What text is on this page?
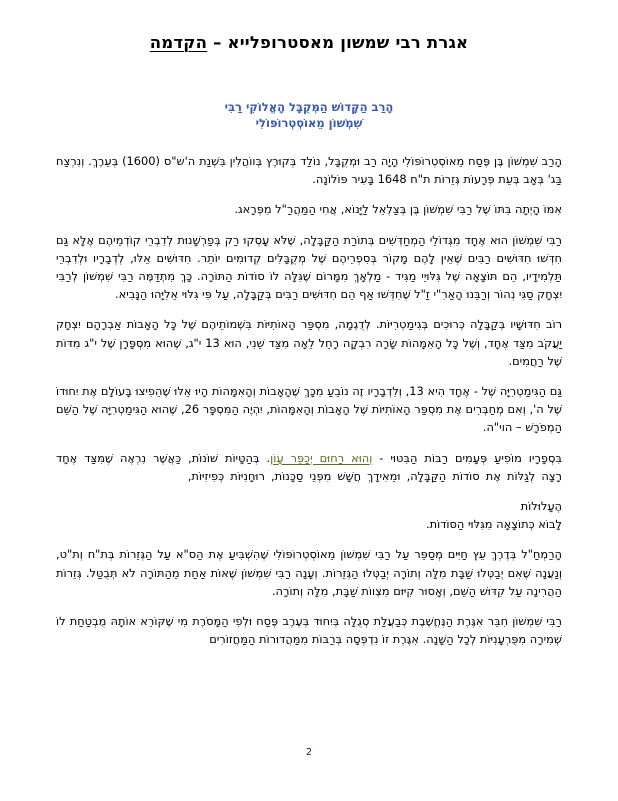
אגרת רבי שמשון מאסטרופלייא – הקדמה
הָרַב הַקָּדוֹשׁ הַמְּקֻבָּל הָאֱלוֹקִי רַבִּי
שִׁמְשׁוֹן מֵאוֹסְטְרוֹפּוֹלִי

הָרַב שִׁמְשׁוֹן בֶּן פֶּסַח מֵאוֹסְטְרוֹפּוֹלִי הָיָה רַב וּמְקֻבָּל, נוֹלַד בְּקוּרֶץ בְּווֹהֲלִין בִּשְׁנַת ה'ש"ס (1600) בְּעֵרֶךְ. וְנִרְצַח בַּג' בְּאָב בְּעֵת פְּרָעוֹת גְּזֵרוֹת ת"ח 1648 בָּעִיר פּוֹלוֹנָה.

אִמּוֹ הָיְתָה בִּתּוֹ שֶׁל רַבִּי שִׁמְשׁוֹן בֶּן בְּצַלְאֵל לַיָּנוֹא, אֲחִי הַמַּהֲרַ"ל מִפְּרָאג.

רַבִּי שִׁמְשׁוֹן הוּא אֶחָד מִגְּדוֹלֵי הַמְחַדְּשִׁים בְּתוֹרַת הַקַּבָּלָה, שֶׁלֹּא עָסְקוּ רַק בְּפַרְשָׁנוּת לְדִבְרֵי קוֹדְמֵיהֶם אֶלָּא גַּם חִדְּשׁוּ חִדּוּשִׁים רַבִּים שֶׁאֵין לָהֶם מָקוֹר בְּסִפְרֵיהֶם שֶׁל מְקֻבָּלִים קְדוּמִים יוֹתֵר. חִדּוּשִׁים אֵלּוּ, לְדְבָרָיו וּלְדִבְרֵי תַּלְמִידָיו, הֵם תּוֹצָאָה שֶׁל גִּלּוּיֵי מַגִּיד - מַלְאָךְ מִמָּרוֹם שֶׁגִּלָּה לוֹ סוֹדוֹת הַתּוֹרָה. כָּךְ מִתְדַּמֶּה רַבִּי שִׁמְשׁוֹן לְרַבִּי יִצְחָק סַגִּי נְהוֹר וְרַבֵּנוּ הָאַרִ"י זַ"ל שֶׁחִדְּשׁוּ אַף הֵם חִדּוּשִׁים רַבִּים בְּקַבָּלָה, עַל פִּי גִּלּוּי אֵלִיָּהוּ הַנָּבִיא.

רוֹב חִדּוּשָׁיו בְּקַבָּלָה כְּרוּכִים בְּגִימַטְרִיּוֹת. לְדֻגְמָה, מִסְפַּר הָאוֹתִיּוֹת בִּשְׁמוֹתֵיהֶם שֶׁל כָּל הָאָבוֹת אַבְרָהָם יִצְחָק יַעֲקֹב מִצַּד אֶחָד, וְשֶׁל כָּל הָאִמָּהוֹת שָׂרָה רִבְקָה רָחֵל לֵאָה מִצַּד שֵׁנִי, הוּא 13 י"ג, שֶׁהוּא מִסְפָּרָן שֶׁל י"ג מִדּוֹת שֶׁל רַחֲמִים.

גַּם הַגִּימַטְרִיָּה שֶׁל - אֶחָד הִיא 13, וְלִדְבָרָיו זֶה נוֹבֵעַ מִכָּךְ שֶׁהָאָבוֹת וְהָאִמָּהוֹת הָיוּ אֵלּוּ שֶׁהֵפִיצוּ בָּעוֹלָם אֶת יִחוּדוֹ שֶׁל ה', וְאִם מְחַבְּרִים אֶת מִסְפַּר הָאוֹתִיּוֹת שֶׁל הָאָבוֹת וְהָאִמָּהוֹת, יִהְיֶה הַמִּסְפָּר 26, שֶׁהוּא הַגִּימַטְרִיָּה שֶׁל הַשֵּׁם הַמְפֹרָשׁ – הוי"ה.

בִּסְפָרָיו מוֹפִיעַ פְּעָמִים רַבּוֹת הַבִּטּוּי - וְהוּא רַחוּם יְכַפֵּר עָוֺן. בְּהַטָּיוֹת שׁוֹנוֹת, כַּאֲשֶׁר נִרְאֶה שֶׁמִּצַּד אֶחָד רָצָה לְגַלּוֹת אֶת סוֹדוֹת הַקַּבָּלָה, וּמֵאִידָךְ חֲשָׁשׁ מִפְּנֵי סַכָּנוֹת, רוּחָנִיּוֹת כְּפִיזִיּוֹת,

הֶעָלוּלוֹת
לָבוֹא כְּתוֹצָאָה מִגִּלּוּי הַסּוֹדוֹת.

הָרַמְחַ"ל בְּדֶרֶךְ עֵץ חַיִּים מְסַפֵּר עַל רַבִּי שִׁמְשׁוֹן מֵאוֹסְטְרוֹפּוֹלִי שֶׁהִשְׁבִּיעַ אֶת הַס"א עַל הַגְּזֵרוֹת בְּת"ח וְת"ט, וְנַעֲנָה שֶׁאִם יְבַטְּלוּ שַׁבָּת מִלָּה וְתוֹרָה יְבַטְּלוּ הַגְּזֵרוֹת. וְעָנָה רַבִּי שִׁמְשׁוֹן שֶׁאוֹת אַחַת מֵהַתּוֹרָה לֹא תְּבֻטַּל. גְּזֵרוֹת הַהֲרִינָה עַל קִדּוּשׁ הַשֵּׁם, וְאָסוּר קִיּוּם מִצְווֹת שַׁבָּת, מִלָּה וְתוֹרָה.

רַבִּי שִׁמְשׁוֹן חִבֵּר אִגֶּרֶת הַנֶּחֱשֶׁבֶת כְּבַעֲלַת סְגֻלָּה בְּיִחוּד בְּעֶרֶב פֶּסַח וּלְפִי הַמָּסֹרֶת מִי שֶׁקּוֹרֵא אוֹתָהּ מֻבְטַחַת לוֹ שְׁמִירָה מִפֻּרְעָנִיּוֹת לְכָל הַשָּׁנָה. אִגֶּרֶת זוֹ נִדְפְּסָה בְּרַבּוֹת מִמַּהֲדוּרוֹת הַמַּחֲזוֹרִים

2
